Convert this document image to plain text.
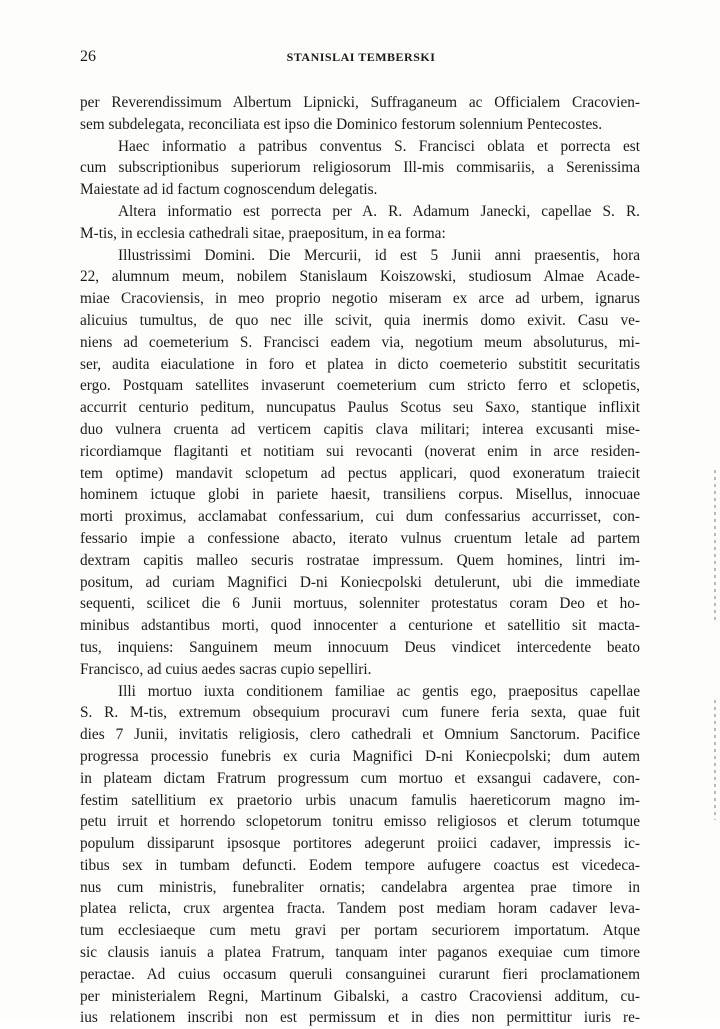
26	STANISLAI TEMBERSKI
per Reverendissimum Albertum Lipnicki, Suffraganeum ac Officialem Cracovien-
sem subdelegata, reconciliata est ipso die Dominico festorum solennium Pentecostes.
Haec informatio a patribus conventus S. Francisci oblata et porrecta est
cum subscriptionibus superiorum religiosorum Ill-mis commisariis, a Serenissima
Maiestate ad id factum cognoscendum delegatis.
Altera informatio est porrecta per A. R. Adamum Janecki, capellae S. R.
M-tis, in ecclesia cathedrali sitae, praepositum, in ea forma:
Illustrissimi Domini. Die Mercurii, id est 5 Junii anni praesentis, hora
22, alumnum meum, nobilem Stanislaum Koiszowski, studiosum Almae Acade-
miae Cracoviensis, in meo proprio negotio miseram ex arce ad urbem, ignarus
alicuius tumultus, de quo nec ille scivit, quia inermis domo exivit. Casu ve-
niens ad coemeterium S. Francisci eadem via, negotium meum absoluturus, mi-
ser, audita eiaculatione in foro et platea in dicto coemeterio substitit securitatis
ergo. Postquam satellites invaserunt coemeterium cum stricto ferro et sclopetis,
accurrit centurio peditum, nuncupatus Paulus Scotus seu Saxo, stantique inflixit
duo vulnera cruenta ad verticem capitis clava militari; interea excusanti mise-
ricordiamque flagitanti et notitiam sui revocanti (noverat enim in arce residen-
tem optime) mandavit sclopetum ad pectus applicari, quod exoneratum traiecit
hominem ictuque globi in pariete haesit, transiliens corpus. Misellus, innocuae
morti proximus, acclamabat confessarium, cui dum confessarius accurrisset, con-
fessario impie a confessione abacto, iterato vulnus cruentum letale ad partem
dextram capitis malleo securis rostratae impressum. Quem homines, lintri im-
positum, ad curiam Magnifici D-ni Koniecpolski detulerunt, ubi die immediate
sequenti, scilicet die 6 Junii mortuus, solenniter protestatus coram Deo et ho-
minibus adstantibus morti, quod innocenter a centurione et satellitio sit macta-
tus, inquiens: Sanguinem meum innocuum Deus vindicet intercedente beato
Francisco, ad cuius aedes sacras cupio sepelliri.
Illi mortuo iuxta conditionem familiae ac gentis ego, praepositus capellae
S. R. M-tis, extremum obsequium procuravi cum funere feria sexta, quae fuit
dies 7 Junii, invitatis religiosis, clero cathedrali et Omnium Sanctorum. Pacifice
progressa processio funebris ex curia Magnifici D-ni Koniecpolski; dum autem
in plateam dictam Fratrum progressum cum mortuo et exsangui cadavere, con-
festim satellitium ex praetorio urbis unacum famulis haereticorum magno im-
petu irruit et horrendo sclopetorum tonitru emisso religiosos et clerum totumque
populum dissiparunt ipsosque portitores adegerunt proiici cadaver, impressis ic-
tibus sex in tumbam defuncti. Eodem tempore aufugere coactus est vicedeca-
nus cum ministris, funebraliter ornatis; candelabra argentea prae timore in
platea relicta, crux argentea fracta. Tandem post mediam horam cadaver leva-
tum ecclesiaeque cum metu gravi per portam securiorem importatum. Atque
sic clausis ianuis a platea Fratrum, tanquam inter paganos exequiae cum timore
peractae. Ad cuius occasum queruli consanguinei curarunt fieri proclamationem
per ministerialem Regni, Martinum Gibalski, a castro Cracoviensi additum, cu-
ius relationem inscribi non est permissum et in dies non permittitur iuris re-
